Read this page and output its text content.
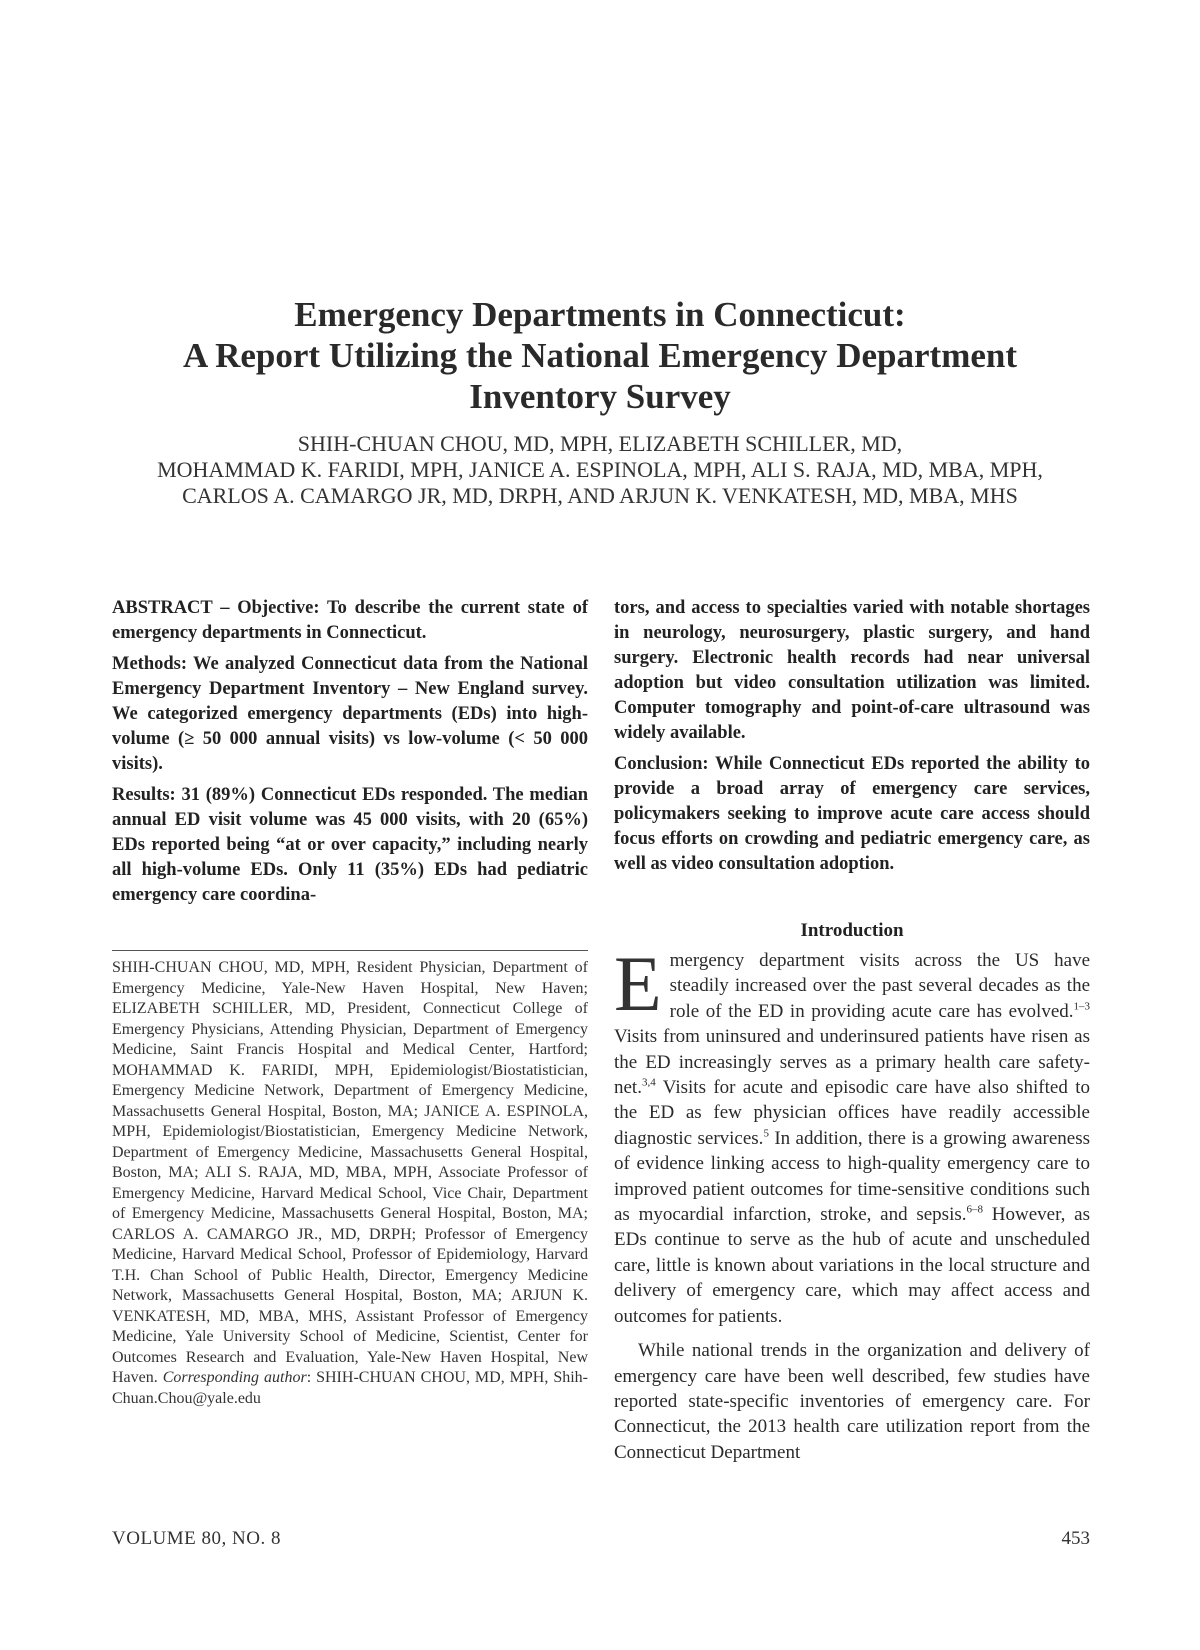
Emergency Departments in Connecticut:
A Report Utilizing the National Emergency Department
Inventory Survey
SHIH-CHUAN CHOU, MD, MPH, ELIZABETH SCHILLER, MD,
MOHAMMAD K. FARIDI, MPH, JANICE A. ESPINOLA, MPH, ALI S. RAJA, MD, MBA, MPH,
CARLOS A. CAMARGO JR, MD, DRPH, AND ARJUN K. VENKATESH, MD, MBA, MHS

ABSTRACT – Objective: To describe the current state of emergency departments in Connecticut.

Methods: We analyzed Connecticut data from the National Emergency Department Inventory – New England survey. We categorized emergency departments (EDs) into high-volume (≥ 50 000 annual visits) vs low-volume (< 50 000 visits).

Results: 31 (89%) Connecticut EDs responded. The median annual ED visit volume was 45 000 visits, with 20 (65%) EDs reported being “at or over capacity,” including nearly all high-volume EDs. Only 11 (35%) EDs had pediatric emergency care coordina-

tors, and access to specialties varied with notable shortages in neurology, neurosurgery, plastic surgery, and hand surgery. Electronic health records had near universal adoption but video consultation utilization was limited. Computer tomography and point-of-care ultrasound was widely available.

Conclusion: While Connecticut EDs reported the ability to provide a broad array of emergency care services, policymakers seeking to improve acute care access should focus efforts on crowding and pediatric emergency care, as well as video consultation adoption.

SHIH-CHUAN CHOU, MD, MPH, Resident Physician, Department of Emergency Medicine, Yale-New Haven Hospital, New Haven; ELIZABETH SCHILLER, MD, President, Connecticut College of Emergency Physicians, Attending Physician, Department of Emergency Medicine, Saint Francis Hospital and Medical Center, Hartford; MOHAMMAD K. FARIDI, MPH, Epidemiologist/Biostatistician, Emergency Medicine Network, Department of Emergency Medicine, Massachusetts General Hospital, Boston, MA; JANICE A. ESPINOLA, MPH, Epidemiologist/Biostatistician, Emergency Medicine Network, Department of Emergency Medicine, Massachusetts General Hospital, Boston, MA; ALI S. RAJA, MD, MBA, MPH, Associate Professor of Emergency Medicine, Harvard Medical School, Vice Chair, Department of Emergency Medicine, Massachusetts General Hospital, Boston, MA; CARLOS A. CAMARGO JR., MD, DRPH; Professor of Emergency Medicine, Harvard Medical School, Professor of Epidemiology, Harvard T.H. Chan School of Public Health, Director, Emergency Medicine Network, Massachusetts General Hospital, Boston, MA; ARJUN K. VENKATESH, MD, MBA, MHS, Assistant Professor of Emergency Medicine, Yale University School of Medicine, Scientist, Center for Outcomes Research and Evaluation, Yale-New Haven Hospital, New Haven. Corresponding author: SHIH-CHUAN CHOU, MD, MPH, Shih-Chuan.Chou@yale.edu
Introduction

Emergency department visits across the US have steadily increased over the past several decades as the role of the ED in providing acute care has evolved.$^{1-3}$ Visits from uninsured and underinsured patients have risen as the ED increasingly serves as a primary health care safety-net.$^{3,4}$ Visits for acute and episodic care have also shifted to the ED as few physician offices have readily accessible diagnostic services.$^5$ In addition, there is a growing awareness of evidence linking access to high-quality emergency care to improved patient outcomes for time-sensitive conditions such as myocardial infarction, stroke, and sepsis.$^{6-8}$ However, as EDs continue to serve as the hub of acute and unscheduled care, little is known about variations in the local structure and delivery of emergency care, which may affect access and outcomes for patients.

While national trends in the organization and delivery of emergency care have been well described, few studies have reported state-specific inventories of emergency care. For Connecticut, the 2013 health care utilization report from the Connecticut Department

VOLUME 80, NO. 8	453
